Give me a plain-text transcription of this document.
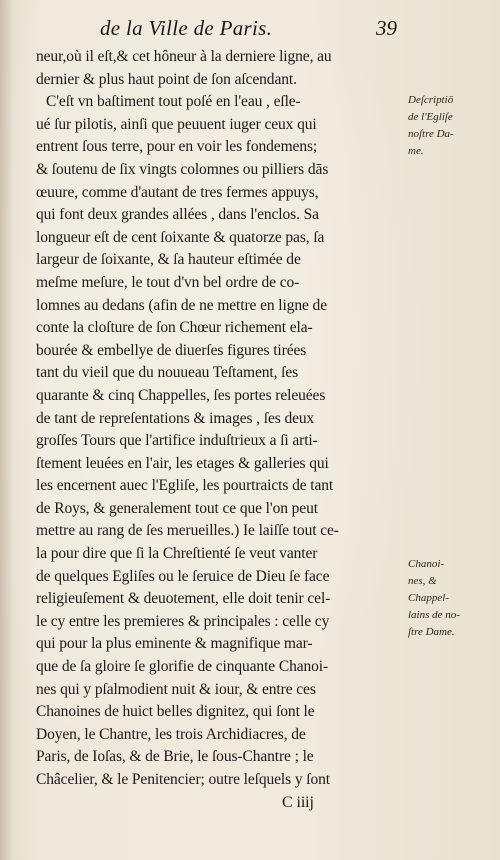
de la Ville de Paris.	39
neur,où il eſt,& cet hôneur à la derniere ligne, au
dernier & plus haut point de ſon aſcendant.
C'eſt vn baſtiment tout poſé en l'eau , eſle-
ué ſur pilotis, ainſi que peuuent iuger ceux qui
entrent ſous terre, pour en voir les fondemens;
& ſoutenu de ſix vingts colomnes ou pilliers dās
œuure, comme d'autant de tres fermes appuys,
qui font deux grandes allées , dans l'enclos. Sa
longueur eſt de cent ſoixante & quatorze pas, ſa
largeur de ſoixante, & ſa hauteur eſtimée de
meſme meſure, le tout d'vn bel ordre de co-
lomnes au dedans (afin de ne mettre en ligne de
conte la cloſture de ſon Chœur richement ela-
bourée & embellye de diuerſes figures tirées
tant du vieil que du nouueau Teſtament, ſes
quarante & cinq Chappelles, ſes portes releuées
de tant de repreſentations & images , ſes deux
groſſes Tours que l'artifice induſtrieux a ſi arti-
ſtement leuées en l'air, les etages & galleries qui
les encernent auec l'Egliſe, les pourtraicts de tant
de Roys, & generalement tout ce que l'on peut
mettre au rang de ſes merueilles.) Ie laiſſe tout ce-
la pour dire que ſi la Chreſtienté ſe veut vanter
de quelques Egliſes ou le ſeruice de Dieu ſe face
religieuſement & deuotement, elle doit tenir cel-
le cy entre les premieres & principales : celle cy
qui pour la plus eminente & magnifique mar-
que de ſa gloire ſe glorifie de cinquante Chanoi-
nes qui y pſalmodient nuit & iour, & entre ces
Chanoines de huict belles dignitez, qui ſont le
Doyen, le Chantre, les trois Archidiacres, de
Paris, de Ioſas, & de Brie, le ſous-Chantre ; le
Châcelier, & le Penitencier; outre leſquels y ſont
C iiij
Deſcriptiō
de l'Egliſe
noſtre Da-
me.
Chanoi-
nes, &
Chappel-
lains de no-
ſtre Dame.
